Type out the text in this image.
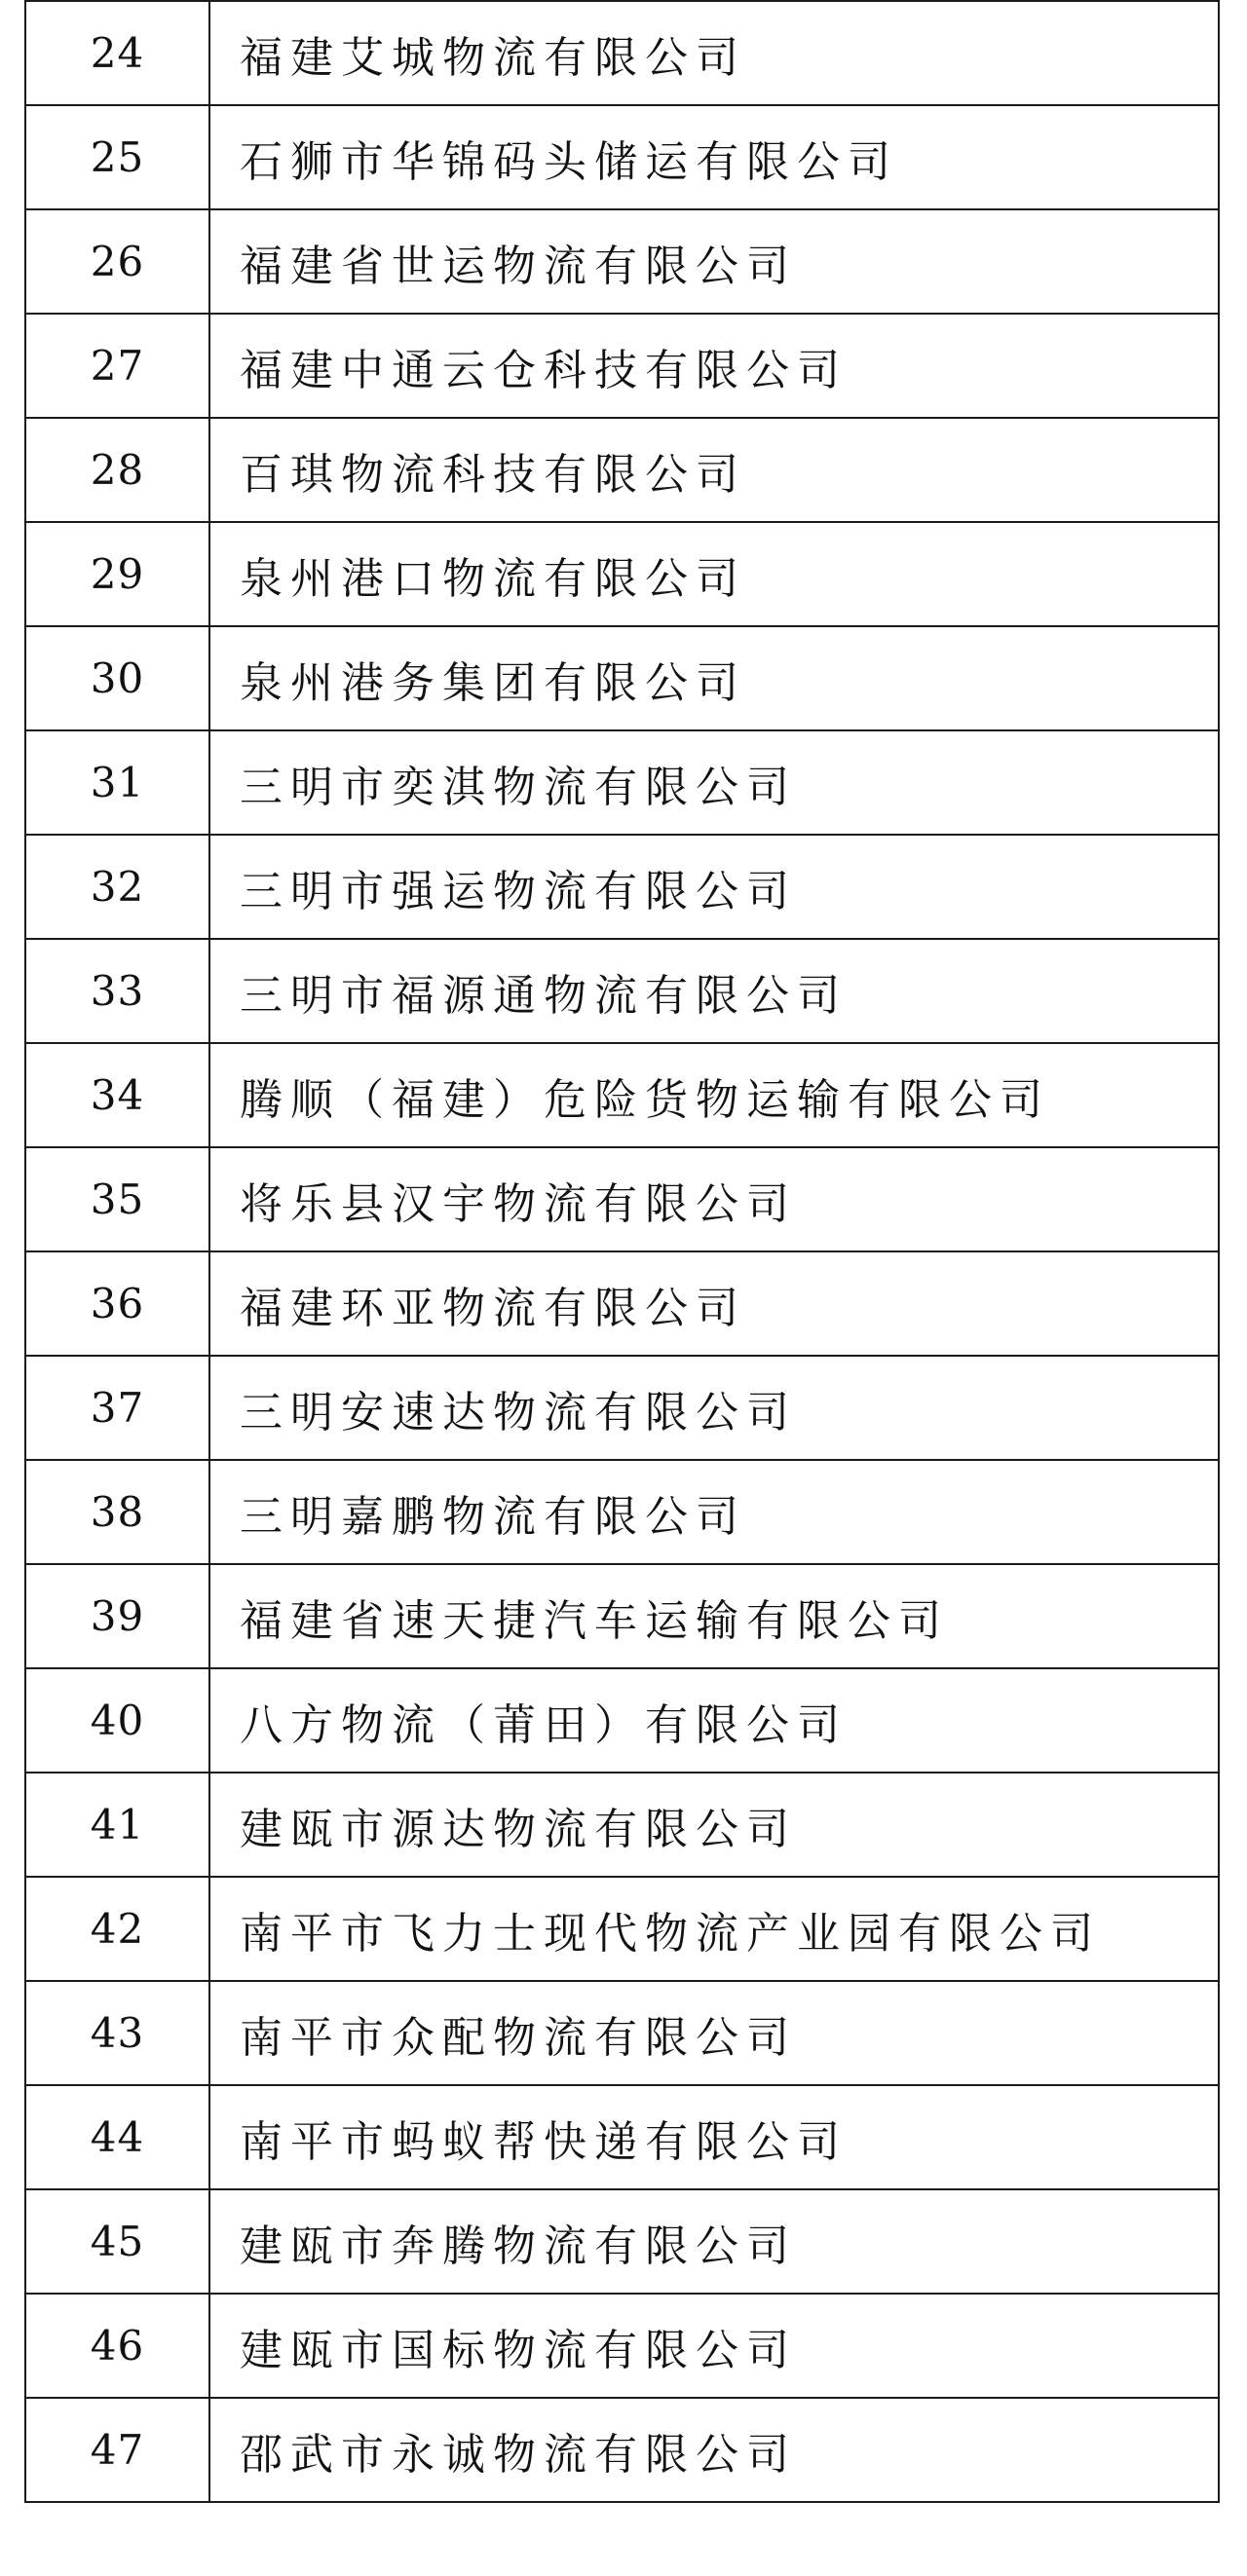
24	福建艾城物流有限公司
25	石狮市华锦码头储运有限公司
26	福建省世运物流有限公司
27	福建中通云仓科技有限公司
28	百琪物流科技有限公司
29	泉州港口物流有限公司
30	泉州港务集团有限公司
31	三明市奕淇物流有限公司
32	三明市强运物流有限公司
33	三明市福源通物流有限公司
34	腾顺（福建）危险货物运输有限公司
35	将乐县汉宇物流有限公司
36	福建环亚物流有限公司
37	三明安速达物流有限公司
38	三明嘉鹏物流有限公司
39	福建省速天捷汽车运输有限公司
40	八方物流（莆田）有限公司
41	建瓯市源达物流有限公司
42	南平市飞力士现代物流产业园有限公司
43	南平市众配物流有限公司
44	南平市蚂蚁帮快递有限公司
45	建瓯市奔腾物流有限公司
46	建瓯市国标物流有限公司
47	邵武市永诚物流有限公司
